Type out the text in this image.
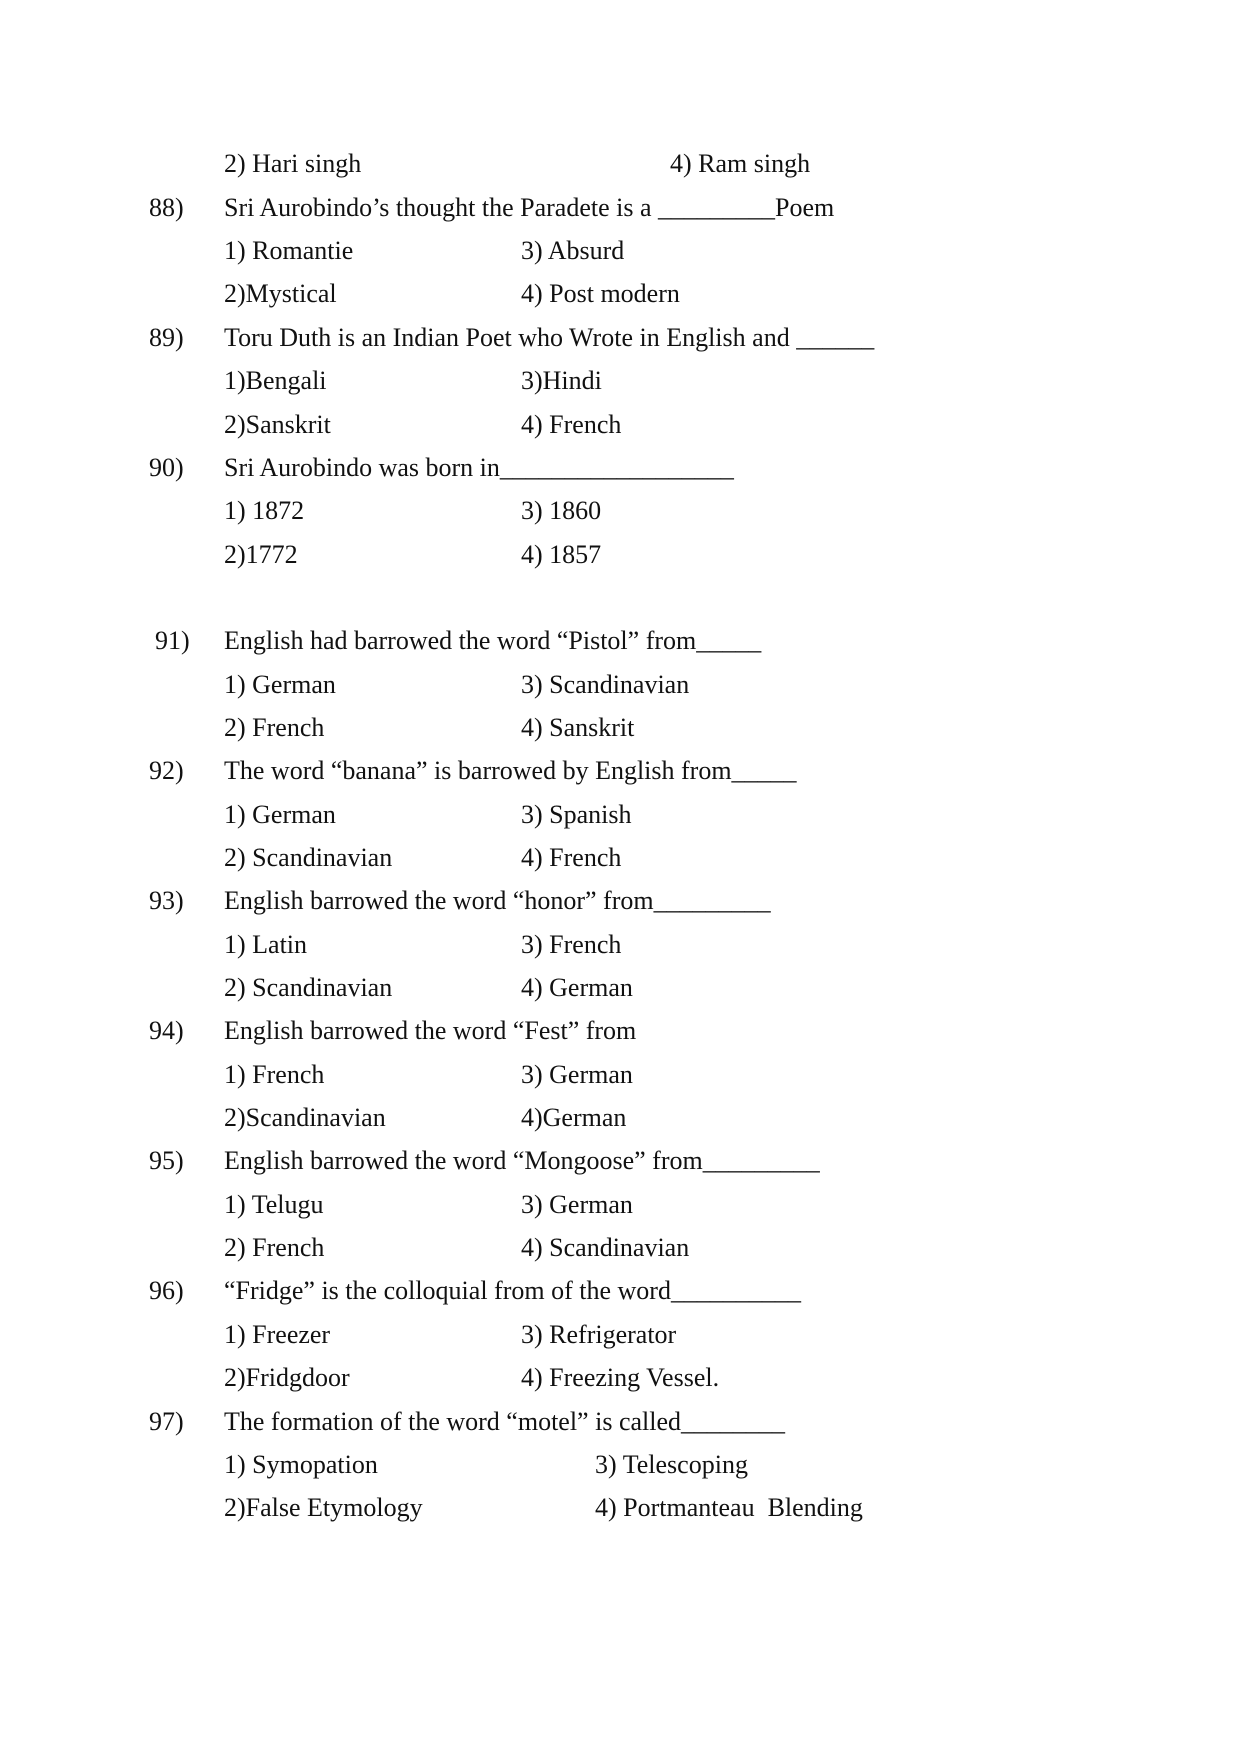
2) Hari singh	4) Ram singh
88) Sri Aurobindo’s thought the Paradete is a _________Poem
1) Romantie	3) Absurd
2)Mystical	4) Post modern
89) Toru Duth is an Indian Poet who Wrote in English and ______
1)Bengali	3)Hindi
2)Sanskrit	4) French
90) Sri Aurobindo was born in__________________
1) 1872	3) 1860
2)1772	4) 1857
91) English had barrowed the word “Pistol” from_____
1) German	3) Scandinavian
2) French	4) Sanskrit
92) The word “banana” is barrowed by English from_____
1) German	3) Spanish
2) Scandinavian	4) French
93) English barrowed the word “honor” from_________
1) Latin	3) French
2) Scandinavian	4) German
94) English barrowed the word “Fest” from
1) French	3) German
2)Scandinavian	4)German
95) English barrowed the word “Mongoose” from_________
1) Telugu	3) German
2) French	4) Scandinavian
96) “Fridge” is the colloquial from of the word__________
1) Freezer	3) Refrigerator
2)Fridgdoor	4) Freezing Vessel.
97) The formation of the word “motel” is called________
1) Symopation	3) Telescoping
2)False Etymology	4) Portmanteau  Blending
